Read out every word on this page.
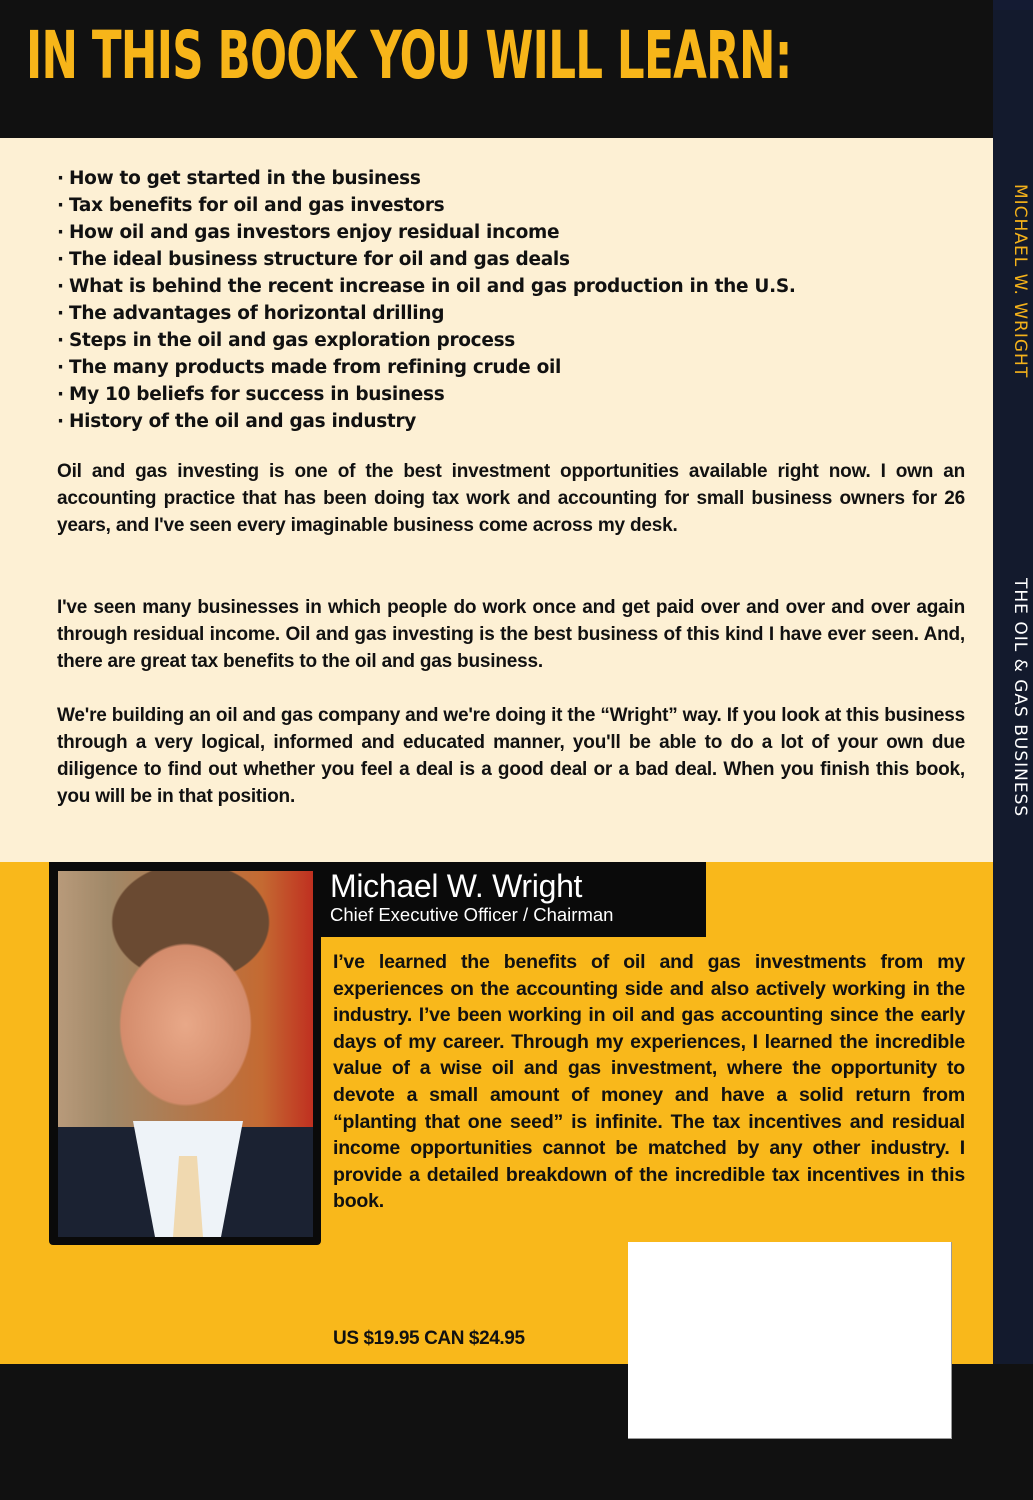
IN THIS BOOK YOU WILL LEARN:
MICHAEL W. WRIGHT
THE OIL & GAS BUSINESS
· How to get started in the business
· Tax benefits for oil and gas investors
· How oil and gas investors enjoy residual income
· The ideal business structure for oil and gas deals
· What is behind the recent increase in oil and gas production in the U.S.
· The advantages of horizontal drilling
· Steps in the oil and gas exploration process
· The many products made from refining crude oil
· My 10 beliefs for success in business
· History of the oil and gas industry

Oil and gas investing is one of the best investment opportunities available right now. I own an accounting practice that has been doing tax work and accounting for small business owners for 26 years, and I've seen every imaginable business come across my desk.

I've seen many businesses in which people do work once and get paid over and over and over again through residual income. Oil and gas investing is the best business of this kind I have ever seen. And, there are great tax benefits to the oil and gas business.

We're building an oil and gas company and we're doing it the “Wright” way. If you look at this business through a very logical, informed and educated manner, you'll be able to do a lot of your own due diligence to find out whether you feel a deal is a good deal or a bad deal. When you finish this book, you will be in that position.

Michael W. Wright
Chief Executive Officer / Chairman

I’ve learned the benefits of oil and gas investments from my experiences on the accounting side and also actively working in the industry. I’ve been working in oil and gas accounting since the early days of my career. Through my experiences, I learned the incredible value of a wise oil and gas investment, where the opportunity to devote a small amount of money and have a solid return from “planting that one seed” is infinite. The tax incentives and residual income opportunities cannot be matched by any other industry. I provide a detailed breakdown of the incredible tax incentives in this book.

US $19.95 CAN $24.95
